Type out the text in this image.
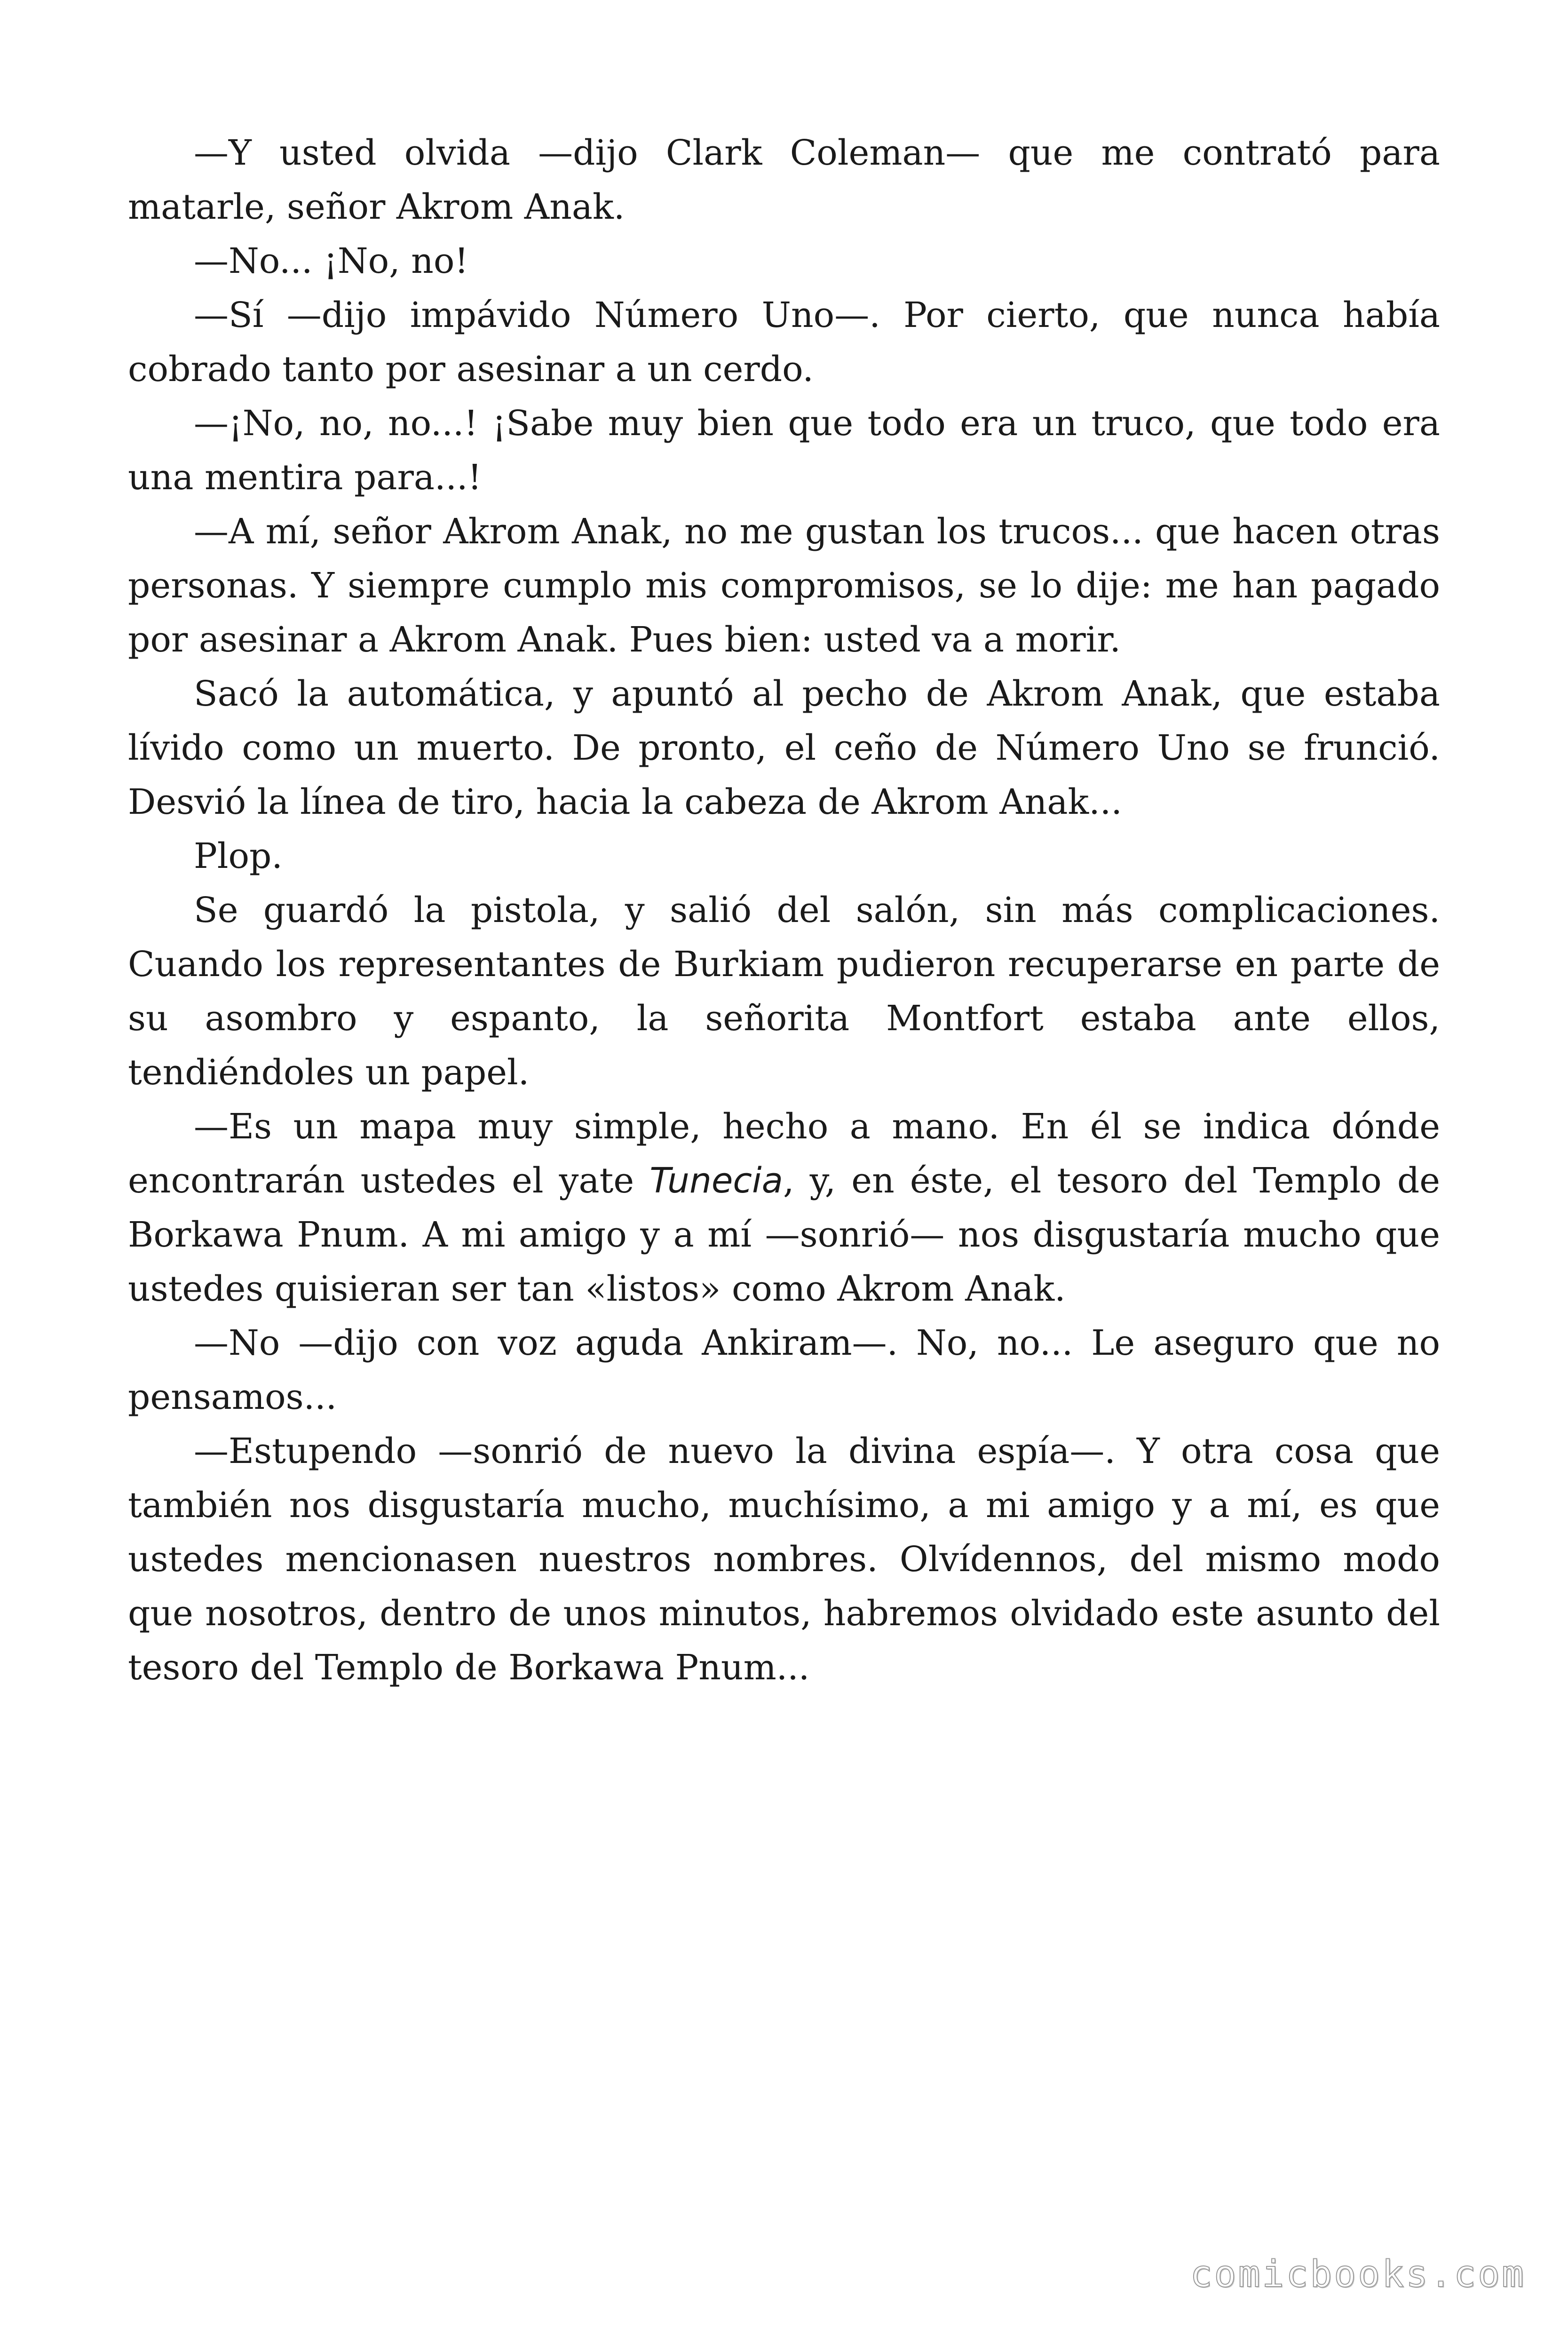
—Y usted olvida —dijo Clark Coleman— que me contrató para matarle, señor Akrom Anak.

—No... ¡No, no!

—Sí —dijo impávido Número Uno—. Por cierto, que nunca había cobrado tanto por asesinar a un cerdo.

—¡No, no, no...! ¡Sabe muy bien que todo era un truco, que todo era una mentira para...!

—A mí, señor Akrom Anak, no me gustan los trucos... que hacen otras personas. Y siempre cumplo mis compromisos, se lo dije: me han pagado por asesinar a Akrom Anak. Pues bien: usted va a morir.

Sacó la automática, y apuntó al pecho de Akrom Anak, que estaba lívido como un muerto. De pronto, el ceño de Número Uno se frunció. Desvió la línea de tiro, hacia la cabeza de Akrom Anak...

Plop.

Se guardó la pistola, y salió del salón, sin más complicaciones. Cuando los representantes de Burkiam pudieron recuperarse en parte de su asombro y espanto, la señorita Montfort estaba ante ellos, tendiéndoles un papel.

—Es un mapa muy simple, hecho a mano. En él se indica dónde encontrarán ustedes el yate Tunecia, y, en éste, el tesoro del Templo de Borkawa Pnum. A mi amigo y a mí —sonrió— nos disgustaría mucho que ustedes quisieran ser tan «listos» como Akrom Anak.

—No —dijo con voz aguda Ankiram—. No, no... Le aseguro que no pensamos...

—Estupendo —sonrió de nuevo la divina espía—. Y otra cosa que también nos disgustaría mucho, muchísimo, a mi amigo y a mí, es que ustedes mencionasen nuestros nombres. Olvídennos, del mismo modo que nosotros, dentro de unos minutos, habremos olvidado este asunto del tesoro del Templo de Borkawa Pnum...

comicbooks.com
